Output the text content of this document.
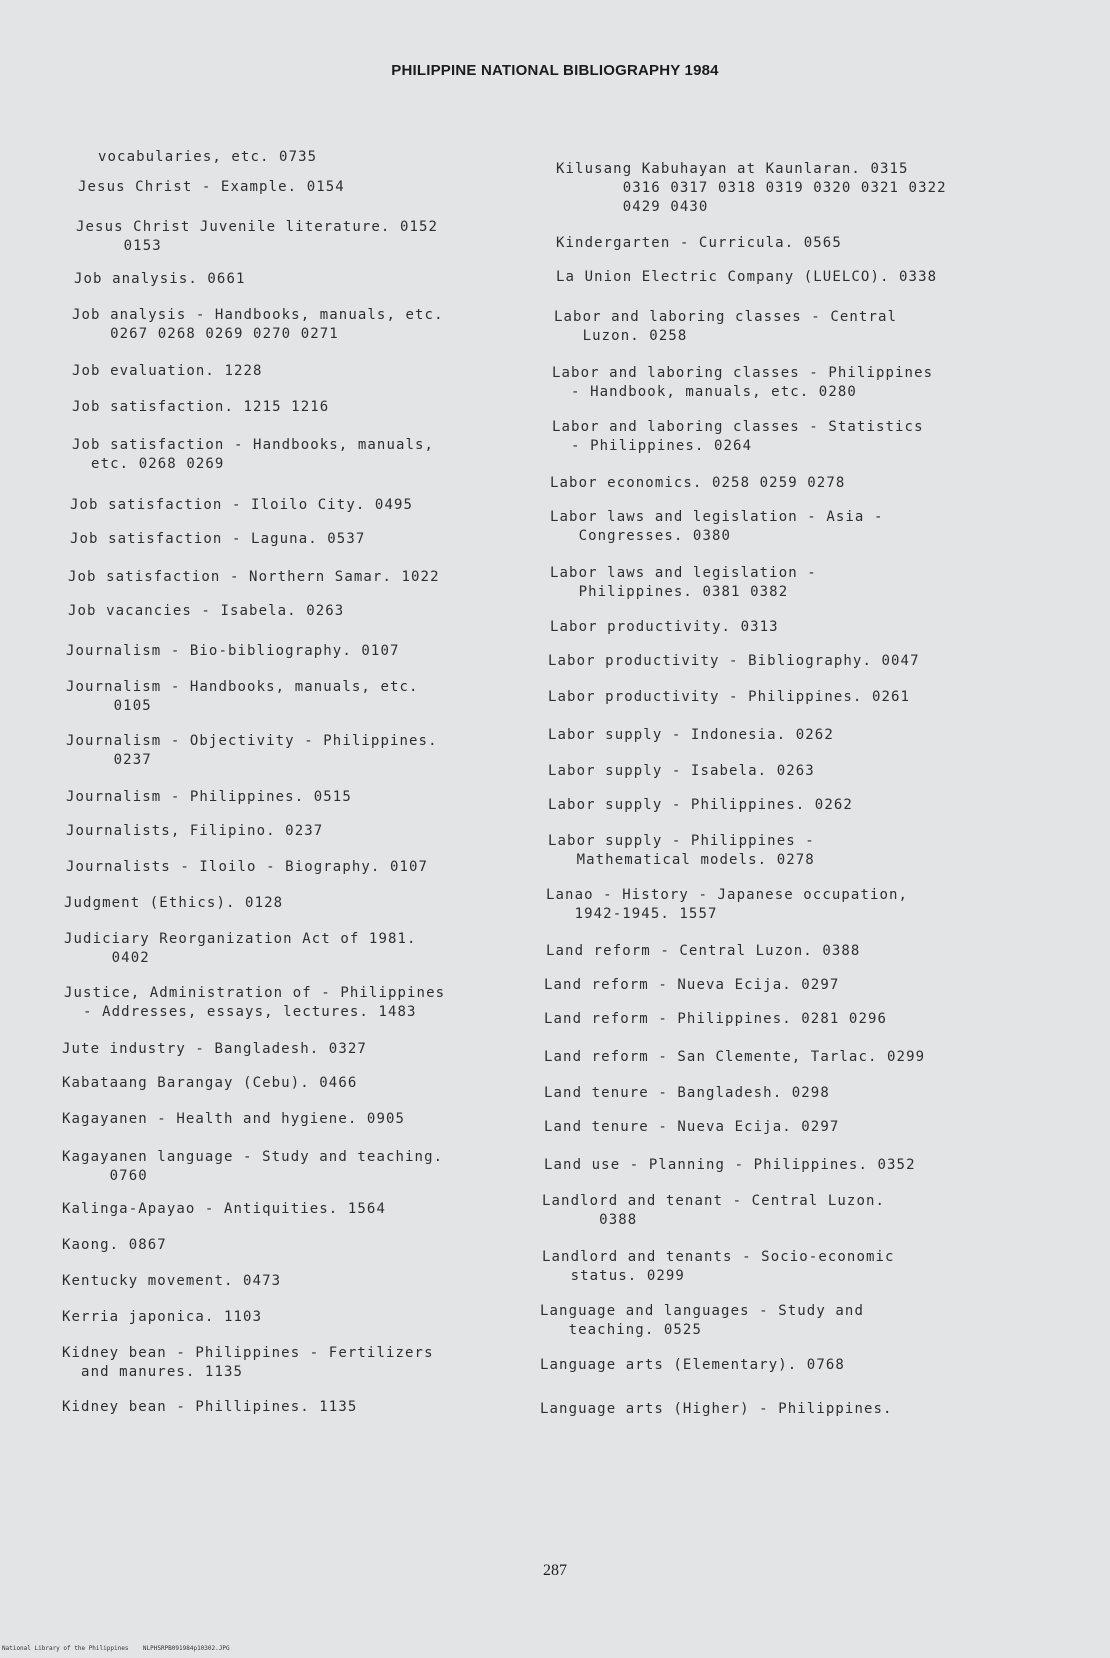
PHILIPPINE NATIONAL BIBLIOGRAPHY 1984
vocabularies, etc. 0735
Jesus Christ - Example. 0154
Jesus Christ Juvenile literature. 0152
0153
Job analysis. 0661
Job analysis - Handbooks, manuals, etc.
0267 0268 0269 0270 0271
Job evaluation. 1228
Job satisfaction. 1215 1216
Job satisfaction - Handbooks, manuals,
etc. 0268 0269
Job satisfaction - Iloilo City. 0495
Job satisfaction - Laguna. 0537
Job satisfaction - Northern Samar. 1022
Job vacancies - Isabela. 0263
Journalism - Bio-bibliography. 0107
Journalism - Handbooks, manuals, etc.
0105
Journalism - Objectivity - Philippines.
0237
Journalism - Philippines. 0515
Journalists, Filipino. 0237
Journalists - Iloilo - Biography. 0107
Judgment (Ethics). 0128
Judiciary Reorganization Act of 1981.
0402
Justice, Administration of - Philippines
- Addresses, essays, lectures. 1483
Jute industry - Bangladesh. 0327
Kabataang Barangay (Cebu). 0466
Kagayanen - Health and hygiene. 0905
Kagayanen language - Study and teaching.
0760
Kalinga-Apayao - Antiquities. 1564
Kaong. 0867
Kentucky movement. 0473
Kerria japonica. 1103
Kidney bean - Philippines - Fertilizers
and manures. 1135
Kidney bean - Phillipines. 1135
Kilusang Kabuhayan at Kaunlaran. 0315
0316 0317 0318 0319 0320 0321 0322
0429 0430
Kindergarten - Curricula. 0565
La Union Electric Company (LUELCO). 0338
Labor and laboring classes - Central
Luzon. 0258
Labor and laboring classes - Philippines
- Handbook, manuals, etc. 0280
Labor and laboring classes - Statistics
- Philippines. 0264
Labor economics. 0258 0259 0278
Labor laws and legislation - Asia -
Congresses. 0380
Labor laws and legislation -
Philippines. 0381 0382
Labor productivity. 0313
Labor productivity - Bibliography. 0047
Labor productivity - Philippines. 0261
Labor supply - Indonesia. 0262
Labor supply - Isabela. 0263
Labor supply - Philippines. 0262
Labor supply - Philippines -
Mathematical models. 0278
Lanao - History - Japanese occupation,
1942-1945. 1557
Land reform - Central Luzon. 0388
Land reform - Nueva Ecija. 0297
Land reform - Philippines. 0281 0296
Land reform - San Clemente, Tarlac. 0299
Land tenure - Bangladesh. 0298
Land tenure - Nueva Ecija. 0297
Land use - Planning - Philippines. 0352
Landlord and tenant - Central Luzon.
0388
Landlord and tenants - Socio-economic
status. 0299
Language and languages - Study and
teaching. 0525
Language arts (Elementary). 0768
Language arts (Higher) - Philippines.
287
National Library of the Philippines    NLPHSRPB091984p10302.JPG
